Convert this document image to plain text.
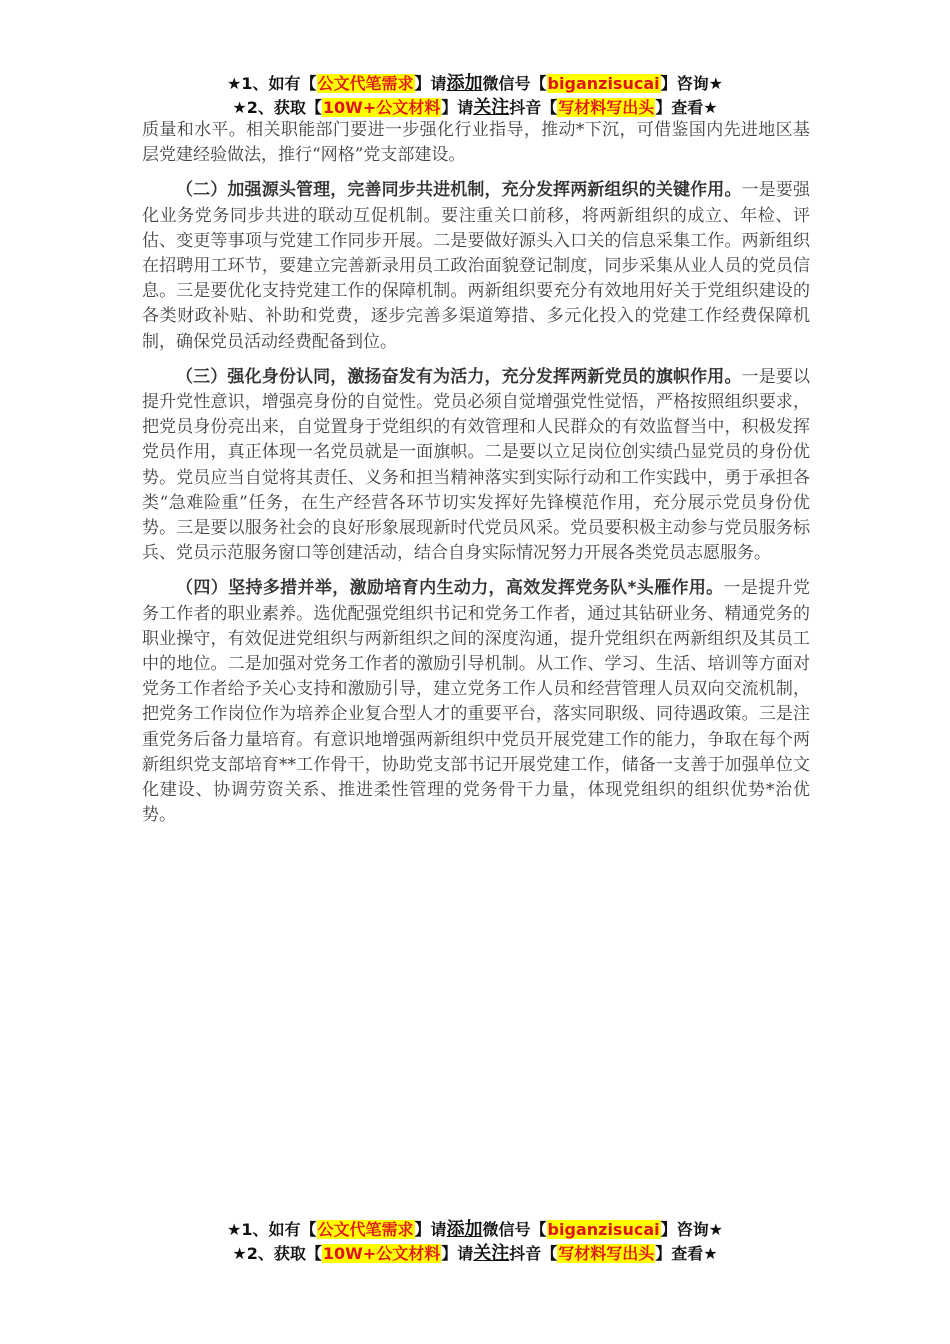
★1、如有【公文代笔需求】请添加微信号【biganzisucai】咨询★
★2、获取【10W+公文材料】请关注抖音【写材料写出头】查看★

质量和水平。相关职能部门要进一步强化行业指导，推动*下沉，可借鉴国内先进地区基层党建经验做法，推行“网格”党支部建设。

（二）加强源头管理，完善同步共进机制，充分发挥两新组织的关键作用。一是要强化业务党务同步共进的联动互促机制。要注重关口前移，将两新组织的成立、年检、评估、变更等事项与党建工作同步开展。二是要做好源头入口关的信息采集工作。两新组织在招聘用工环节，要建立完善新录用员工政治面貌登记制度，同步采集从业人员的党员信息。三是要优化支持党建工作的保障机制。两新组织要充分有效地用好关于党组织建设的各类财政补贴、补助和党费，逐步完善多渠道筹措、多元化投入的党建工作经费保障机制，确保党员活动经费配备到位。

（三）强化身份认同，激扬奋发有为活力，充分发挥两新党员的旗帜作用。一是要以提升党性意识，增强亮身份的自觉性。党员必须自觉增强党性觉悟，严格按照组织要求，把党员身份亮出来，自觉置身于党组织的有效管理和人民群众的有效监督当中，积极发挥党员作用，真正体现一名党员就是一面旗帜。二是要以立足岗位创实绩凸显党员的身份优势。党员应当自觉将其责任、义务和担当精神落实到实际行动和工作实践中，勇于承担各类“急难险重”任务，在生产经营各环节切实发挥好先锋模范作用，充分展示党员身份优势。三是要以服务社会的良好形象展现新时代党员风采。党员要积极主动参与党员服务标兵、党员示范服务窗口等创建活动，结合自身实际情况努力开展各类党员志愿服务。

（四）坚持多措并举，激励培育内生动力，高效发挥党务队*头雁作用。一是提升党务工作者的职业素养。选优配强党组织书记和党务工作者，通过其钻研业务、精通党务的职业操守，有效促进党组织与两新组织之间的深度沟通，提升党组织在两新组织及其员工中的地位。二是加强对党务工作者的激励引导机制。从工作、学习、生活、培训等方面对党务工作者给予关心支持和激励引导，建立党务工作人员和经营管理人员双向交流机制，把党务工作岗位作为培养企业复合型人才的重要平台，落实同职级、同待遇政策。三是注重党务后备力量培育。有意识地增强两新组织中党员开展党建工作的能力，争取在每个两新组织党支部培育**工作骨干，协助党支部书记开展党建工作，储备一支善于加强单位文化建设、协调劳资关系、推进柔性管理的党务骨干力量，体现党组织的组织优势*治优势。

★1、如有【公文代笔需求】请添加微信号【biganzisucai】咨询★
★2、获取【10W+公文材料】请关注抖音【写材料写出头】查看★
